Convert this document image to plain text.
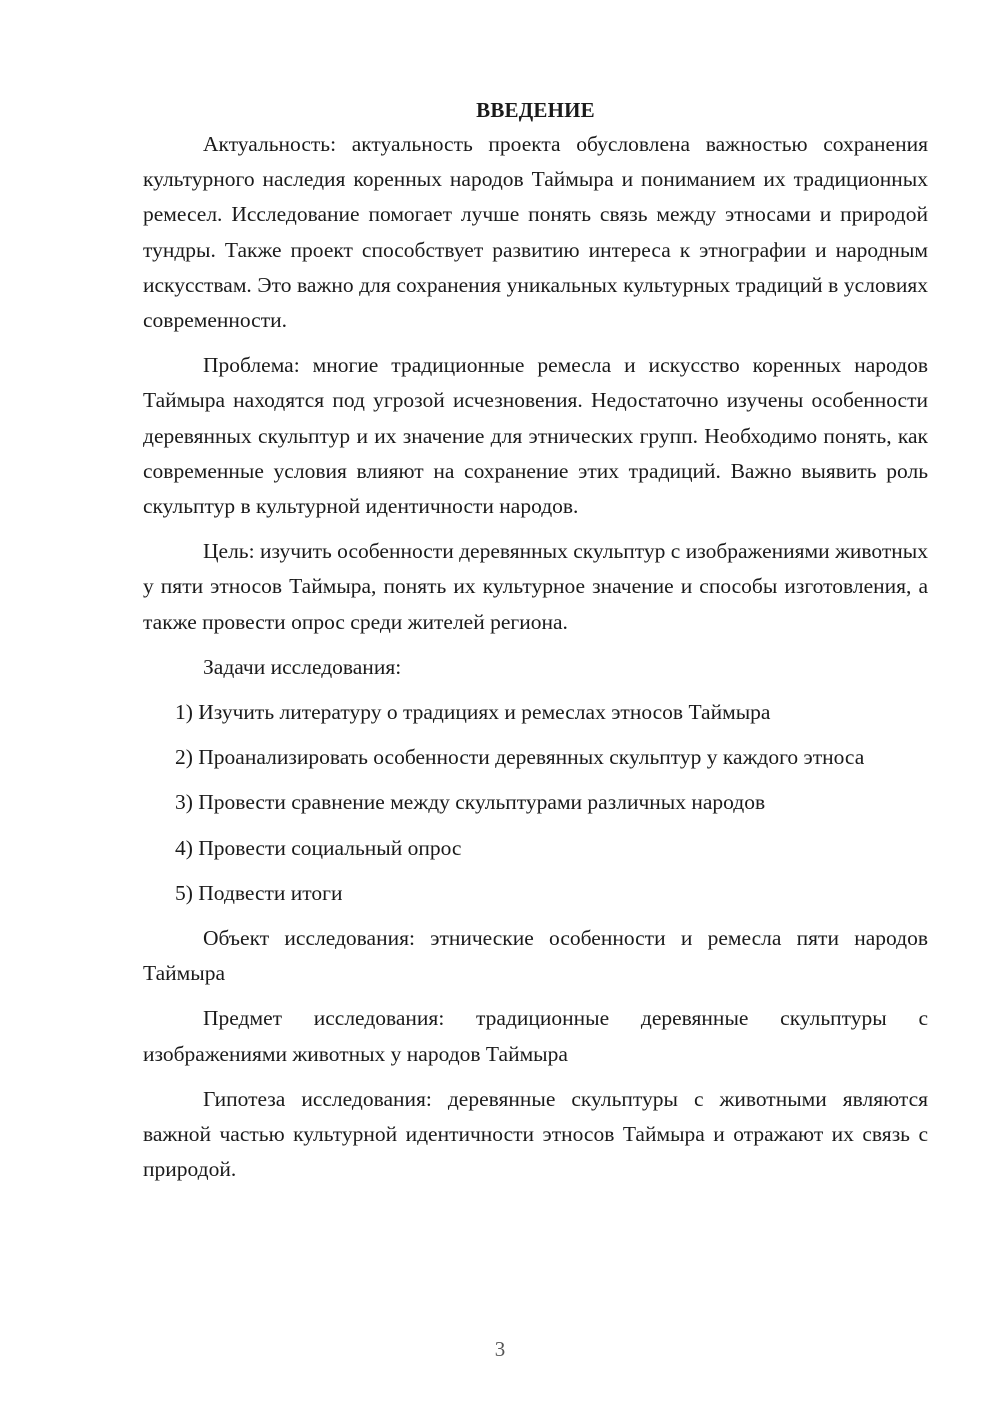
ВВЕДЕНИЕ

Актуальность: актуальность проекта обусловлена важностью сохранения культурного наследия коренных народов Таймыра и пониманием их традиционных ремесел. Исследование помогает лучше понять связь между этносами и природой тундры. Также проект способствует развитию интереса к этнографии и народным искусствам. Это важно для сохранения уникальных культурных традиций в условиях современности.

Проблема: многие традиционные ремесла и искусство коренных народов Таймыра находятся под угрозой исчезновения. Недостаточно изучены особенности деревянных скульптур и их значение для этнических групп. Необходимо понять, как современные условия влияют на сохранение этих традиций. Важно выявить роль скульптур в культурной идентичности народов.

Цель: изучить особенности деревянных скульптур с изображениями животных у пяти этносов Таймыра, понять их культурное значение и способы изготовления, а также провести опрос среди жителей региона.

Задачи исследования:

1) Изучить литературу о традициях и ремеслах этносов Таймыра

2) Проанализировать особенности деревянных скульптур у каждого этноса

3) Провести сравнение между скульптурами различных народов

4) Провести социальный опрос

5) Подвести итоги

Объект исследования: этнические особенности и ремесла пяти народов Таймыра

Предмет исследования: традиционные деревянные скульптуры с изображениями животных у народов Таймыра

Гипотеза исследования: деревянные скульптуры с животными являются важной частью культурной идентичности этносов Таймыра и отражают их связь с природой.

3
